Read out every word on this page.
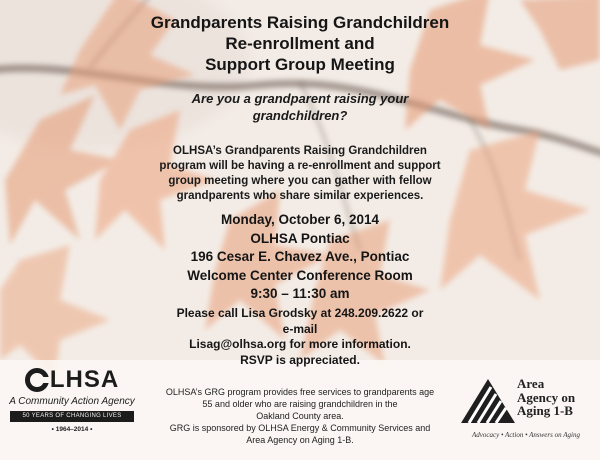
Grandparents Raising Grandchildren
Re-enrollment and
Support Group Meeting
Are you a grandparent raising your
grandchildren?
OLHSA’s Grandparents Raising Grandchildren
program will be having a re-enrollment and support
group meeting where you can gather with fellow
grandparents who share similar experiences.
Monday, October 6, 2014
OLHSA Pontiac
196 Cesar E. Chavez Ave., Pontiac
Welcome Center Conference Room
9:30 – 11:30 am
Please call Lisa Grodsky at 248.209.2622 or
e-mail
Lisag@olhsa.org for more information.
RSVP is appreciated.
OLHSA’s GRG program provides free services to grandparents age
55 and older who are raising grandchildren in the
Oakland County area.
GRG is sponsored by OLHSA Energy & Community Services and
Area Agency on Aging 1-B.
LHSA
A Community Action Agency
50 YEARS OF CHANGING LIVES
• 1964–2014 •
Area
Agency on
Aging 1-B
Advocacy • Action • Answers on Aging
